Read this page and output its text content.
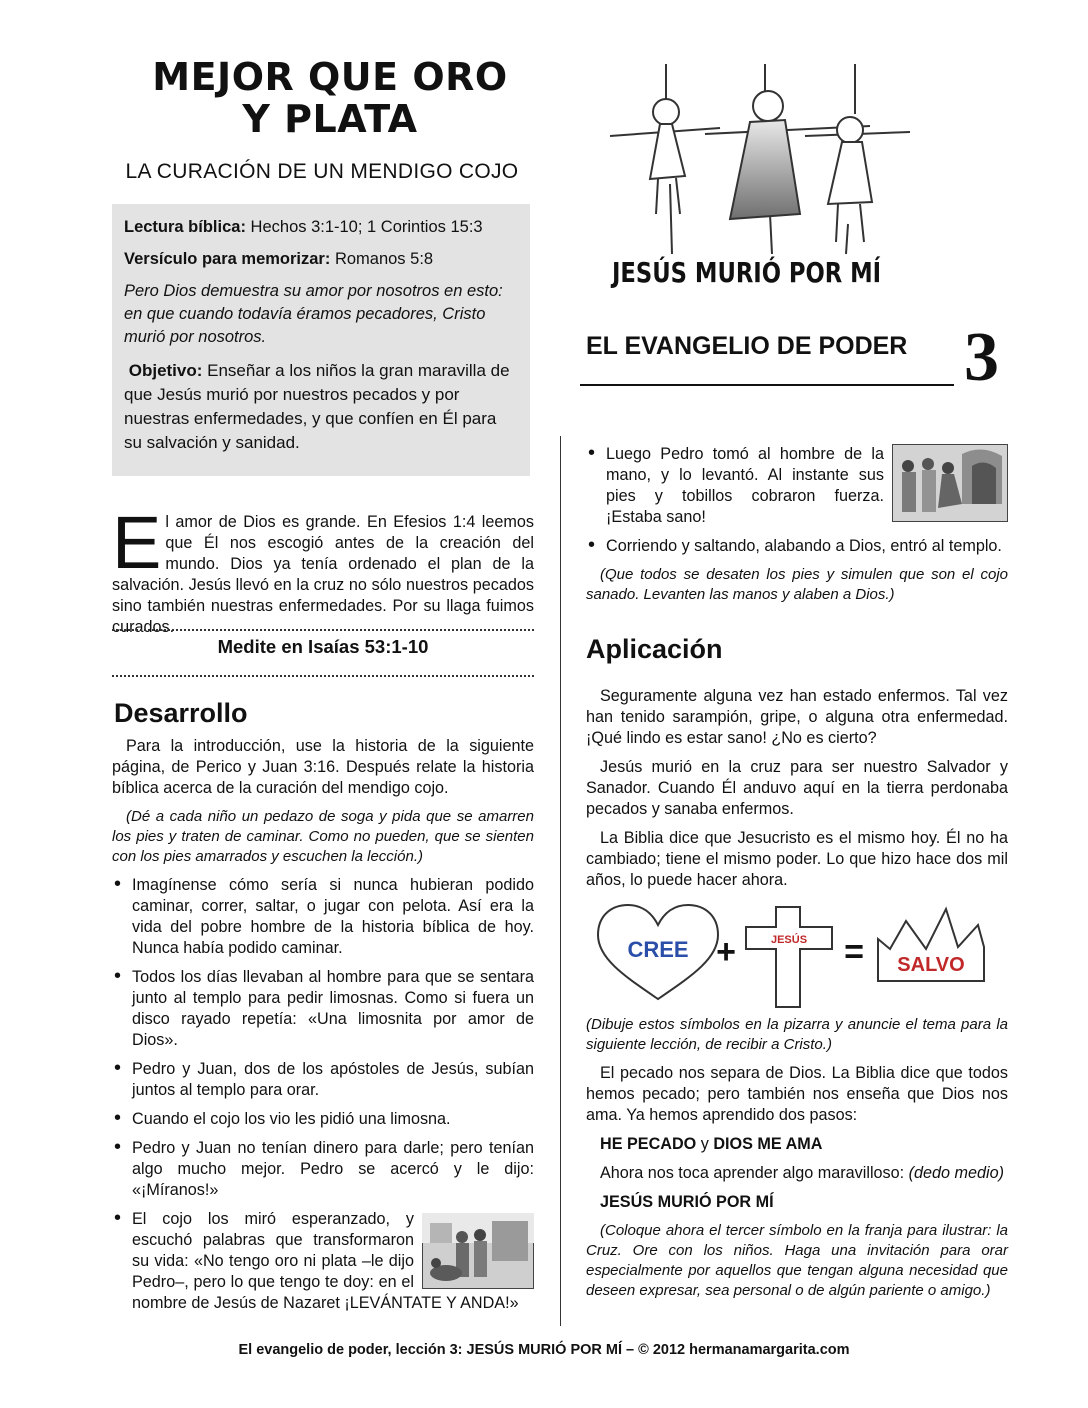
MEJOR QUE ORO
Y PLATA
LA CURACIÓN DE UN MENDIGO COJO

Lectura bíblica: Hechos 3:1-10; 1 Corintios 15:3

Versículo para memorizar: Romanos 5:8

Pero Dios demuestra su amor por nosotros en esto: en que cuando todavía éramos pecadores, Cristo murió por nosotros.

Objetivo: Enseñar a los niños la gran maravilla de que Jesús murió por nuestros pecados y por nuestras enfermedades, y que confíen en Él para su salvación y sanidad.

JESÚS MURIÓ POR MÍ
EL EVANGELIO DE PODER 3
El amor de Dios es grande. En Efesios 1:4 leemos que Él nos escogió antes de la creación del mundo. Dios ya tenía ordenado el plan de la salvación. Jesús llevó en la cruz no sólo nuestros pecados sino también nuestras enfermedades. Por su llaga fuimos curados.
Medite en Isaías 53:1-10
Desarrollo

Para la introducción, use la historia de la siguiente página, de Perico y Juan 3:16. Después relate la historia bíblica acerca de la curación del mendigo cojo.

(Dé a cada niño un pedazo de soga y pida que se amarren los pies y traten de caminar. Como no pueden, que se sienten con los pies amarrados y escuchen la lección.)

• Imagínense cómo sería si nunca hubieran podido caminar, correr, saltar, o jugar con pelota. Así era la vida del pobre hombre de la historia bíblica de hoy. Nunca había podido caminar.
• Todos los días llevaban al hombre para que se sentara junto al templo para pedir limosnas. Como si fuera un disco rayado repetía: «Una limosnita por amor de Dios».
• Pedro y Juan, dos de los apóstoles de Jesús, subían juntos al templo para orar.
• Cuando el cojo los vio les pidió una limosna.
• Pedro y Juan no tenían dinero para darle; pero tenían algo mucho mejor. Pedro se acercó y le dijo: «¡Míranos!»
• El cojo los miró esperanzado, y escuchó palabras que transformaron su vida: «No tengo oro ni plata –le dijo Pedro–, pero lo que tengo te doy: en el nombre de Jesús de Nazaret ¡LEVÁNTATE Y ANDA!»
• Luego Pedro tomó al hombre de la mano, y lo levantó. Al instante sus pies y tobillos cobraron fuerza. ¡Estaba sano!
• Corriendo y saltando, alabando a Dios, entró al templo.

(Que todos se desaten los pies y simulen que son el cojo sanado. Levanten las manos y alaben a Dios.)

Aplicación

Seguramente alguna vez han estado enfermos. Tal vez han tenido sarampión, gripe, o alguna otra enfermedad. ¡Qué lindo es estar sano! ¿No es cierto?

Jesús murió en la cruz para ser nuestro Salvador y Sanador. Cuando Él anduvo aquí en la tierra perdonaba pecados y sanaba enfermos.

La Biblia dice que Jesucristo es el mismo hoy. Él no ha cambiado; tiene el mismo poder. Lo que hizo hace dos mil años, lo puede hacer ahora.

CREE +	JESÚS = SALVO

(Dibuje estos símbolos en la pizarra y anuncie el tema para la siguiente lección, de recibir a Cristo.)

El pecado nos separa de Dios. La Biblia dice que todos hemos pecado; pero también nos enseña que Dios nos ama. Ya hemos aprendido dos pasos:

HE PECADO y DIOS ME AMA

Ahora nos toca aprender algo maravilloso: (dedo medio)

JESÚS MURIÓ POR MÍ

(Coloque ahora el tercer símbolo en la franja para ilustrar: la Cruz. Ore con los niños. Haga una invitación para orar especialmente por aquellos que tengan alguna necesidad que deseen expresar, sea personal o de algún pariente o amigo.)

El evangelio de poder, lección 3: JESÚS MURIÓ POR MÍ – © 2012 hermanamargarita.com
